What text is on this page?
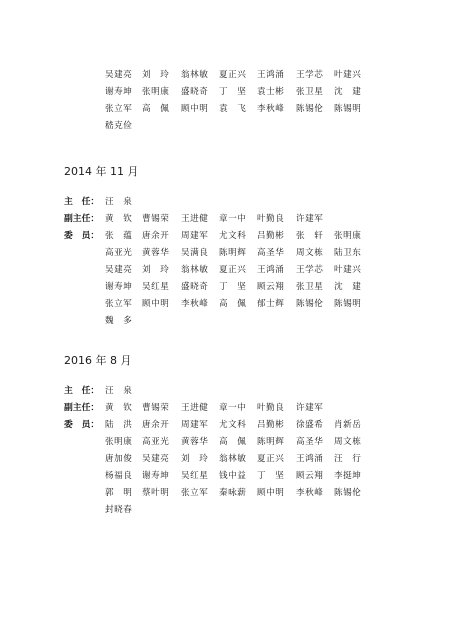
吴建亮 刘　玲 翁林敏 夏正兴 王鸿涌 王学芯 叶建兴
谢寿坤 张明康 盛晓奇 丁　坚 袁士彬 张卫星 沈　建
张立军 高　佩 顾中明 袁　飞 李秋峰 陈锡伦 陈锡明
嵇克俭
2014 年 11 月
主　任： 汪　泉
副主任： 黄　钦 曹锡荣 王进健 章一中 叶勤良 许建军
委　员： 张　蕴 唐余开 周建军 尤文科 吕勤彬 张　轩 张明康
高亚光 黄蓉华 吴满良 陈明辉 高圣华 周文栋 陆卫东
吴建亮 刘　玲 翁林敏 夏正兴 王鸿涌 王学芯 叶建兴
谢寿坤 吴红星 盛晓奇 丁　坚 顾云翔 张卫星 沈　建
张立军 顾中明 李秋峰 高　佩 郁士辉 陈锡伦 陈锡明
魏　多
2016 年 8 月
主　任： 汪　泉
副主任： 黄　钦 曹锡荣 王进健 章一中 叶勤良 许建军
委　员： 陆　洪 唐余开 周建军 尤文科 吕勤彬 徐盛希 肖新岳
张明康 高亚光 黄蓉华 高　佩 陈明辉 高圣华 周文栋
唐加俊 吴建亮 刘　玲 翁林敏 夏正兴 王鸿涌 汪　行
杨福良 谢寿坤 吴红星 钱中益 丁　坚 顾云翔 李挺坤
郭　明 蔡叶明 张立军 秦咏薪 顾中明 李秋峰 陈锡伦
封晓春
